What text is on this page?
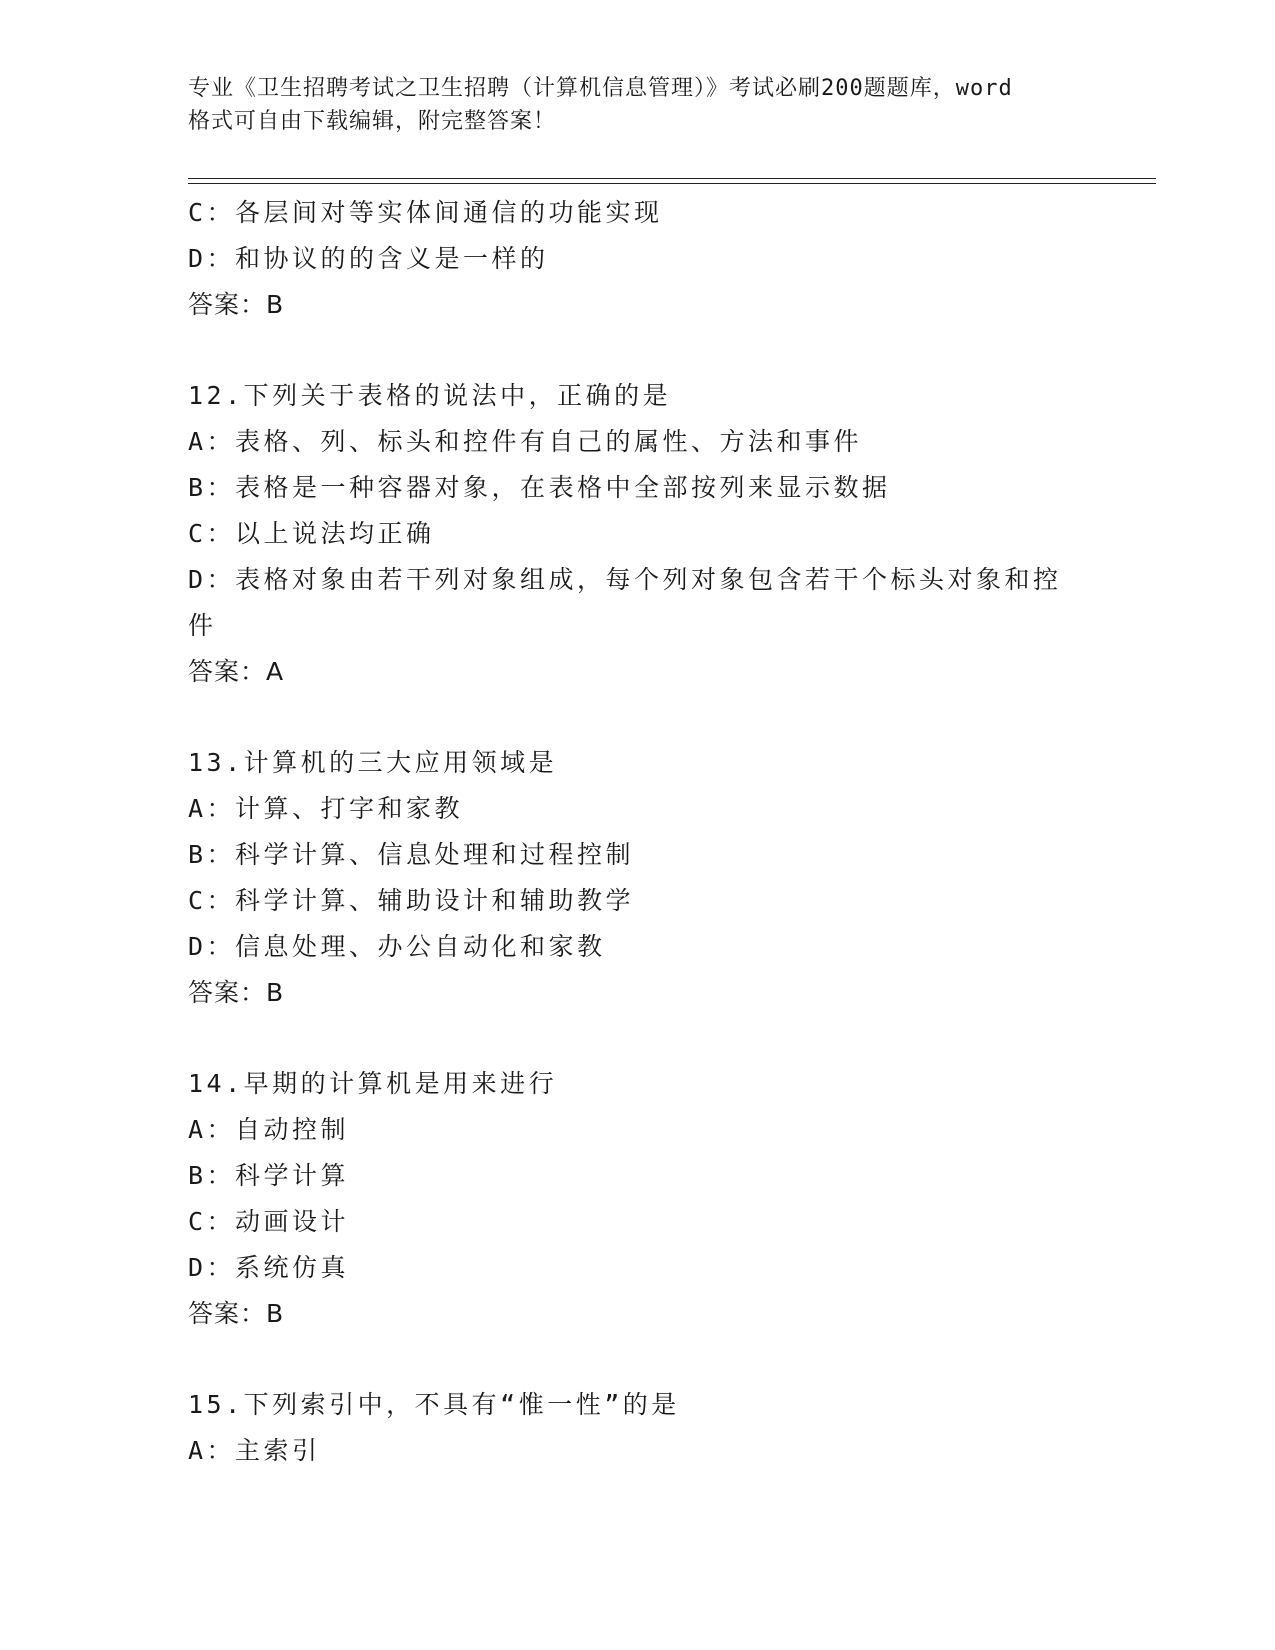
专业《卫生招聘考试之卫生招聘（计算机信息管理）》考试必刷200题题库，word
格式可自由下载编辑，附完整答案！
C：各层间对等实体间通信的功能实现
D：和协议的的含义是一样的
答案：B
12.下列关于表格的说法中，正确的是
A：表格、列、标头和控件有自己的属性、方法和事件
B：表格是一种容器对象，在表格中全部按列来显示数据
C：以上说法均正确
D：表格对象由若干列对象组成，每个列对象包含若干个标头对象和控件
答案：A
13.计算机的三大应用领域是
A：计算、打字和家教
B：科学计算、信息处理和过程控制
C：科学计算、辅助设计和辅助教学
D：信息处理、办公自动化和家教
答案：B
14.早期的计算机是用来进行
A：自动控制
B：科学计算
C：动画设计
D：系统仿真
答案：B
15.下列索引中，不具有“惟一性”的是
A：主索引
